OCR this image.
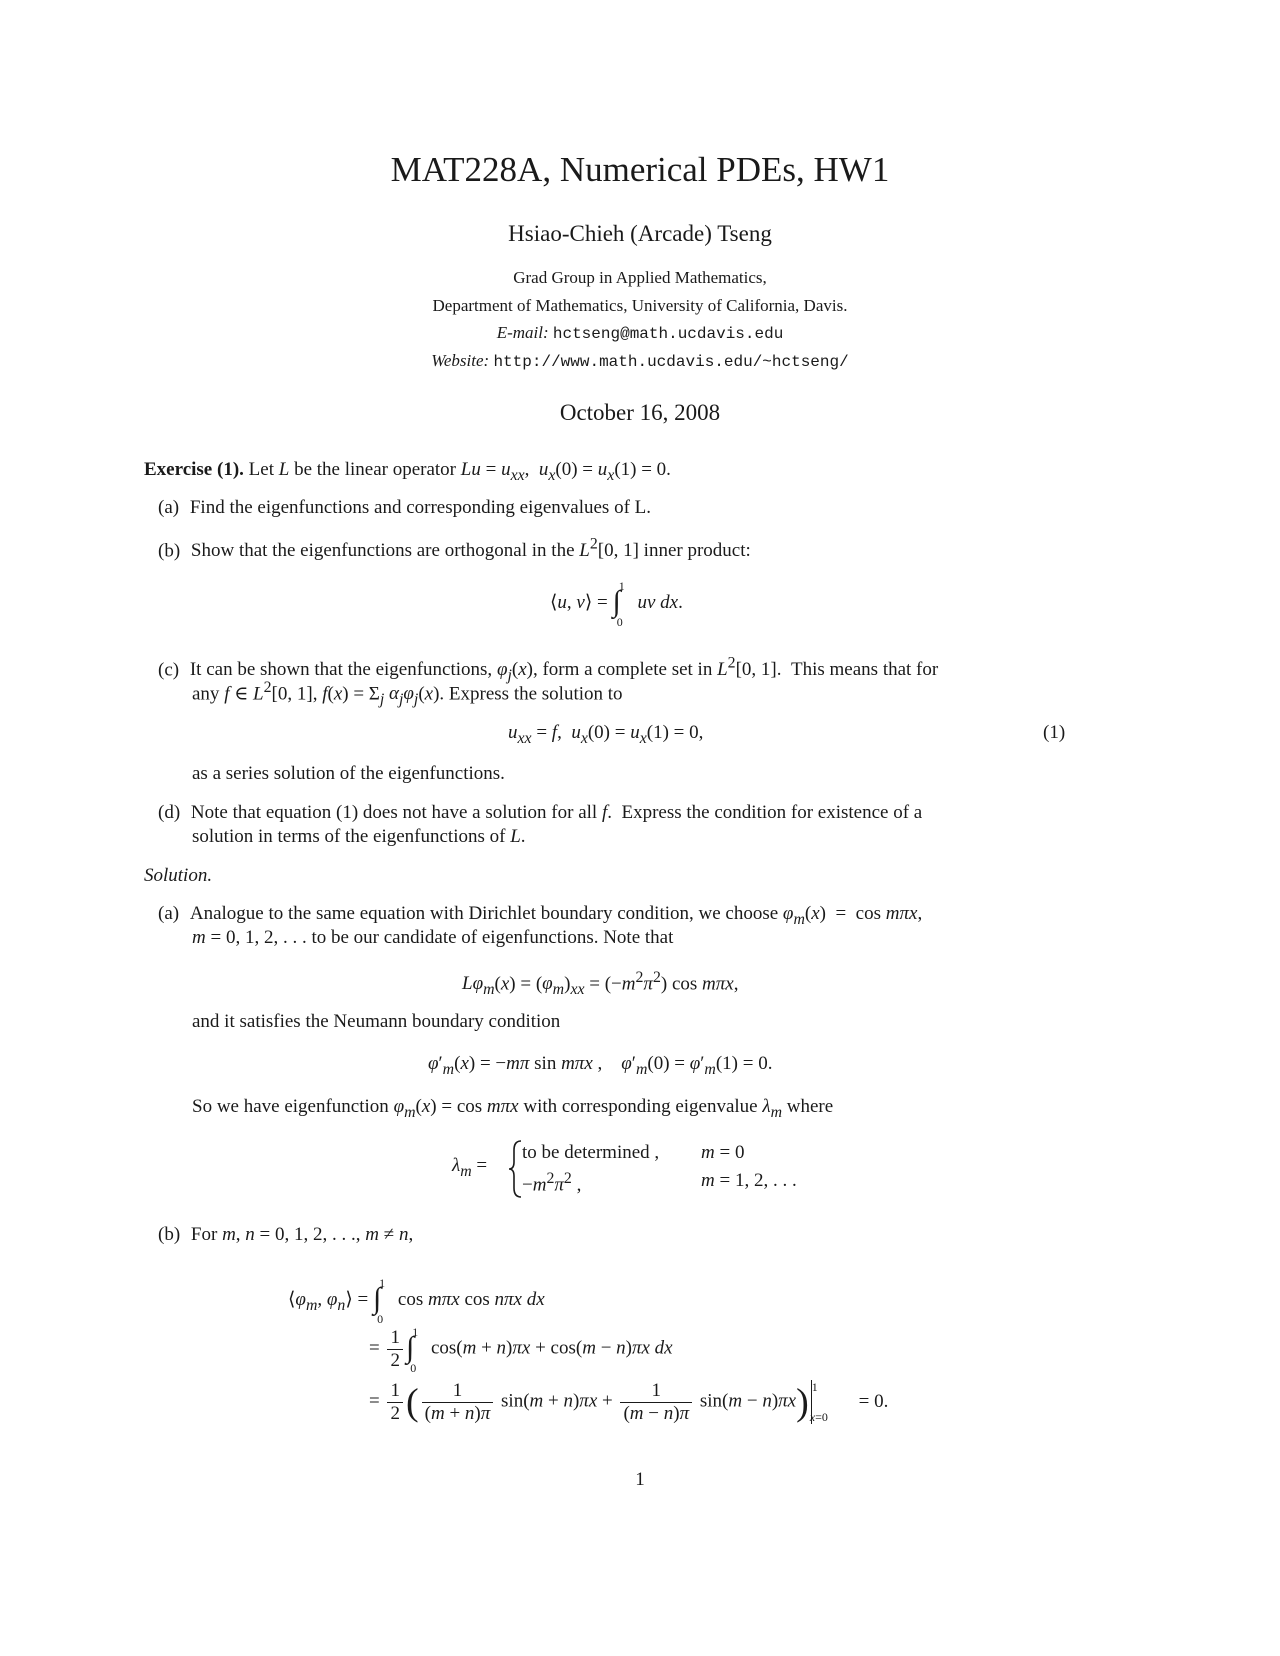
MAT228A, Numerical PDEs, HW1
Hsiao-Chieh (Arcade) Tseng
Grad Group in Applied Mathematics,
Department of Mathematics, University of California, Davis.
E-mail: hctseng@math.ucdavis.edu
Website: http://www.math.ucdavis.edu/~hctseng/
October 16, 2008
Exercise (1). Let L be the linear operator $Lu = u_{xx}$,  $u_x(0) = u_x(1) = 0$.
(a) Find the eigenfunctions and corresponding eigenvalues of L.
(b) Show that the eigenfunctions are orthogonal in the $L^2[0$, 1] inner product:
⟨u, v⟩ = $\int_0^1$ uv dx.
(c) It can be shown that the eigenfunctions, $\varphi_j(x)$, form a complete set in $L^2[0$, 1].  This means that for
any f ∈ $L^2[0$, 1], $f(x) = \Sigma_j$ $\alpha_j\varphi_j(x)$. Express the solution to
$u_{xx} = f$,  $u_x(0) = u_x(1) = 0$,	(1)
as a series solution of the eigenfunctions.
(d) Note that equation (1) does not have a solution for all f.  Express the condition for existence of a
solution in terms of the eigenfunctions of L.
Solution.
(a) Analogue to the same equation with Dirichlet boundary condition, we choose $\varphi_m(x) = \cos m\pi x$,
m = 0, 1, 2, . . . to be our candidate of eigenfunctions. Note that
$L\varphi_m(x) = (\varphi_m)_{xx} = (-m^2\pi^2)$ cos mπx,
and it satisfies the Neumann boundary condition
$\varphi'_m(x) = -m\pi$ sin mπx ,    $\varphi'_m(0) = \varphi'_m(1) = 0$.
So we have eigenfunction $\varphi_m(x) = \cos m\pi x$ with corresponding eigenvalue $\lambda_m$ where
$\lambda_m$ =
to be determined , m = 0
$-m^2\pi^2$ ,	m = 1, 2, . . .
(b) For m, n = 0, 1, 2, . . ., m ≠ n,
$⟨\varphi_m$, $\varphi_n⟩ = \int_0^1$ cos mπx cos nπx dx
= $\frac{1}{2} \int_0^1$ cos(m + n)πx + cos(m − n)πx dx
= $\frac{1}{2}$ ( $\frac{1}{(m + n)\pi} \sin(m + n)\pi x + \frac{1}{(m - n)\pi} \sin(m - n)\pi x$) $^1_{x=0}$ = 0.
1
